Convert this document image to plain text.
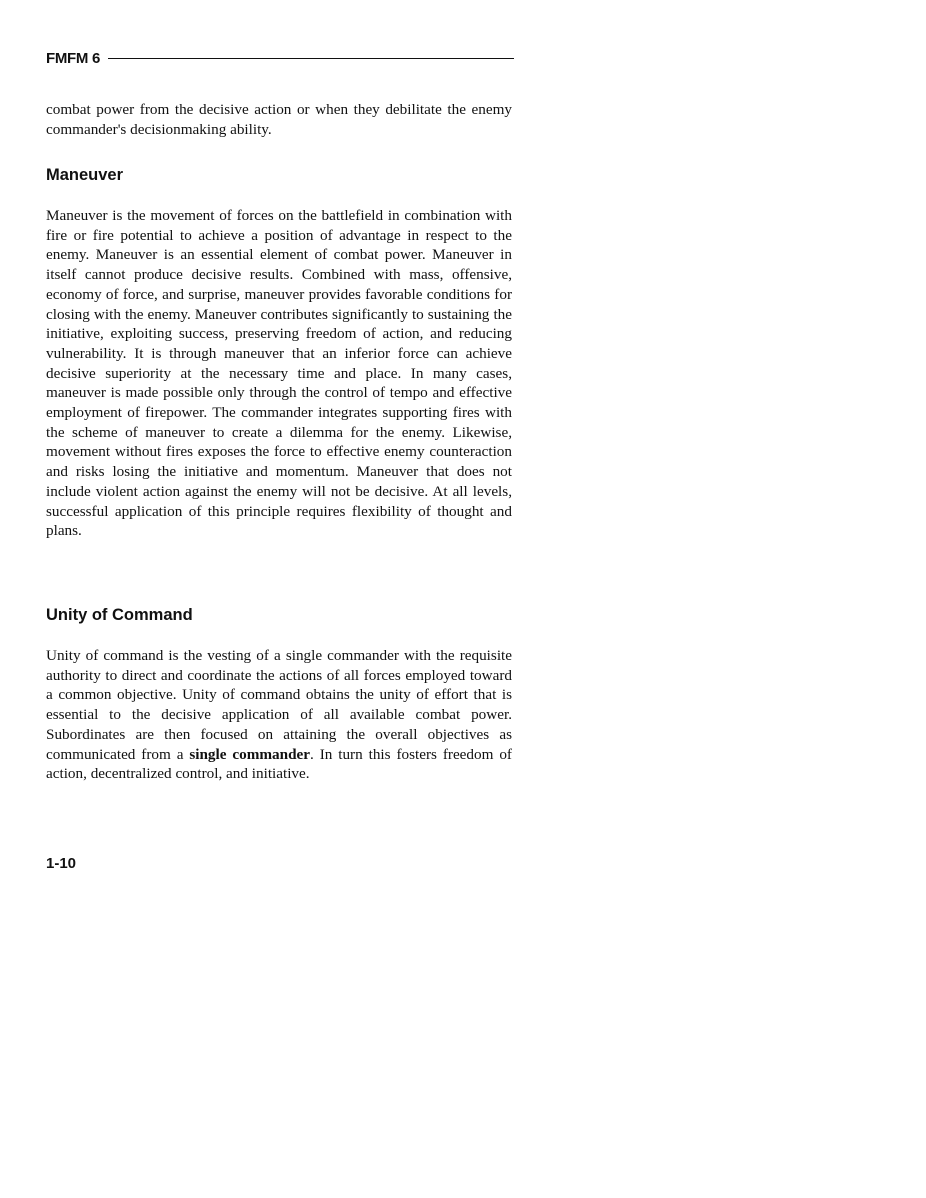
FMFM 6

combat power from the decisive action or when they debilitate the enemy commander's decisionmaking ability.

Maneuver

Maneuver is the movement of forces on the battlefield in combination with fire or fire potential to achieve a position of advantage in respect to the enemy. Maneuver is an essential element of combat power. Maneuver in itself cannot produce decisive results. Combined with mass, offensive, economy of force, and surprise, maneuver provides favorable conditions for closing with the enemy. Maneuver contributes significantly to sustaining the initiative, exploiting success, preserving freedom of action, and reducing vulnerability. It is through maneuver that an inferior force can achieve decisive superiority at the necessary time and place. In many cases, maneuver is made possible only through the control of tempo and effective employment of firepower. The commander integrates supporting fires with the scheme of maneuver to create a dilemma for the enemy. Likewise, movement without fires exposes the force to effective enemy counteraction and risks losing the initiative and momentum. Maneuver that does not include violent action against the enemy will not be decisive. At all levels, successful application of this principle requires flexibility of thought and plans.

Unity of Command

Unity of command is the vesting of a single commander with the requisite authority to direct and coordinate the actions of all forces employed toward a common objective. Unity of command obtains the unity of effort that is essential to the decisive application of all available combat power. Subordinates are then focused on attaining the overall objectives as communicated from a single commander. In turn this fosters freedom of action, decentralized control, and initiative.

1-10
